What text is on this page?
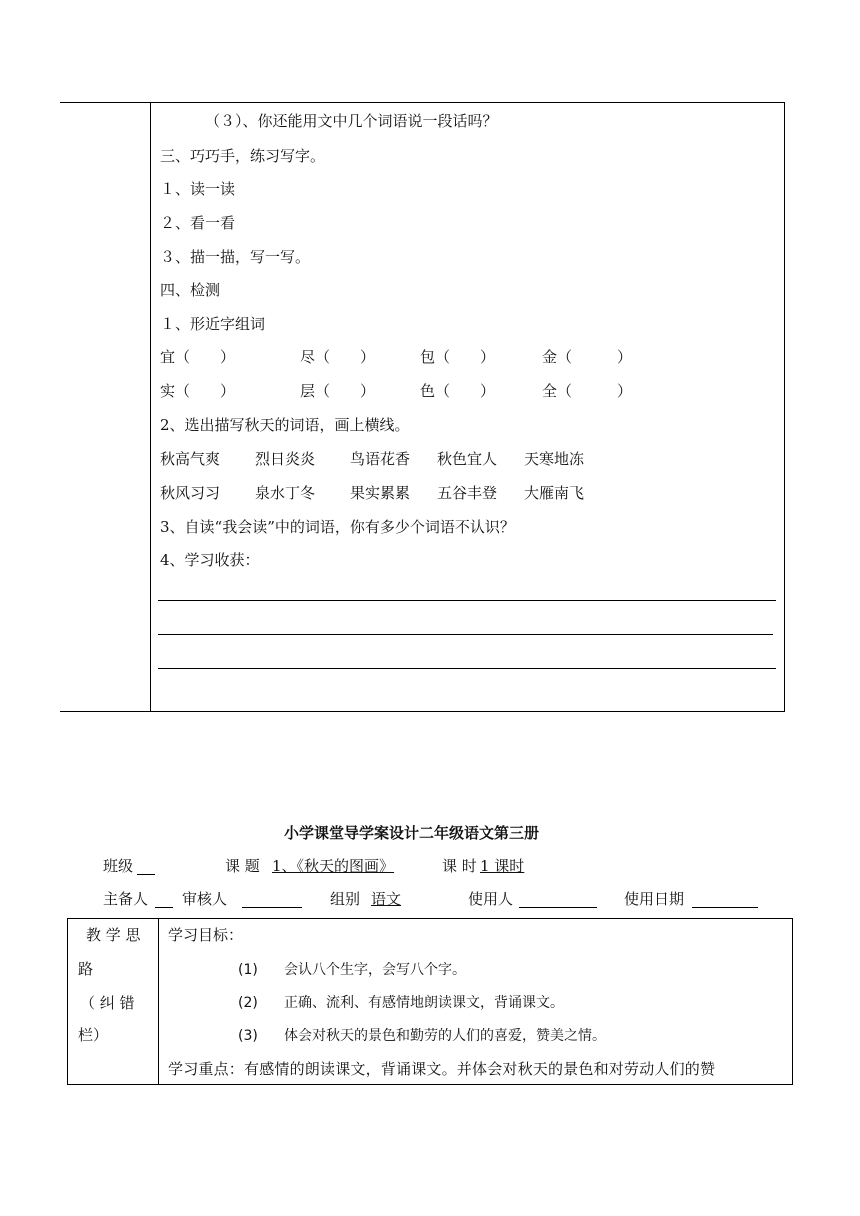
（３）、你还能用文中几个词语说一段话吗？
三、巧巧手，练习写字。
１、读一读
２、看一看
３、描一描，写一写。
四、检测
１、形近字组词
宜（　　）	尽（　　）	包（　　）	金（　　　）
实（　　）	层（　　）	色（　　）	全（　　　）
2、选出描写秋天的词语，画上横线。
秋高气爽 烈日炎炎 鸟语花香 秋色宜人 天寒地冻
秋风习习 泉水丁冬 果实累累 五谷丰登 大雁南飞
3、自读“我会读”中的词语，你有多少个词语不认识？
4、学习收获：
小学课堂导学案设计二年级语文第三册
班级	课 题 1、《秋天的图画》	课 时 1 课时
主备人 审核人	组别 语文	使用人	使用日期
教 学 思
路
（ 纠 错
栏）
学习目标：
(1) 会认八个生字，会写八个字。
(2) 正确、流利、有感情地朗读课文，背诵课文。
(3) 体会对秋天的景色和勤劳的人们的喜爱，赞美之情。
学习重点：有感情的朗读课文，背诵课文。并体会对秋天的景色和对劳动人们的赞
